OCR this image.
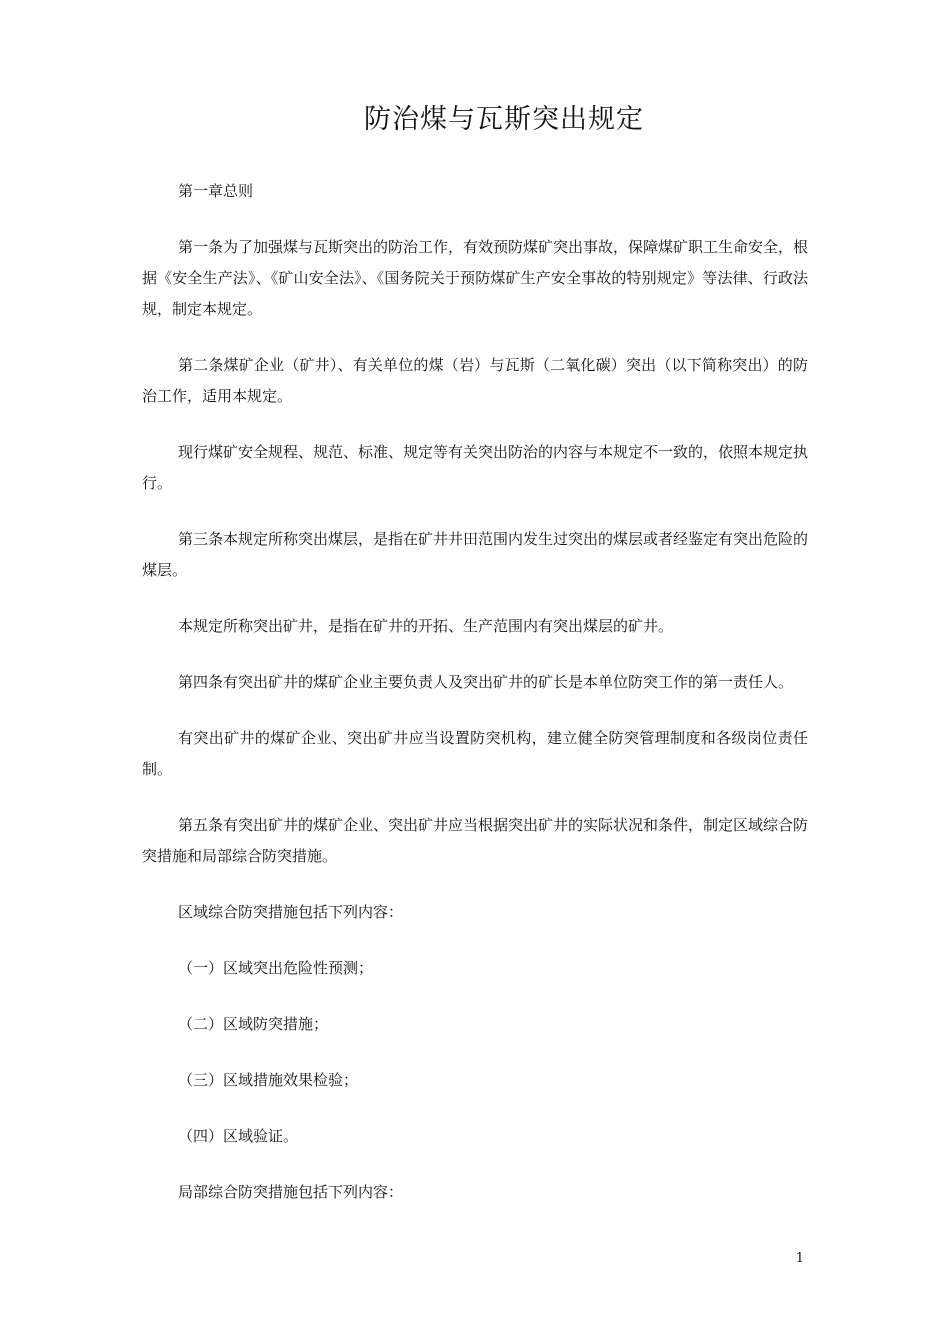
防治煤与瓦斯突出规定

第一章总则

第一条为了加强煤与瓦斯突出的防治工作，有效预防煤矿突出事故，保障煤矿职工生命安全，根据《安全生产法》、《矿山安全法》、《国务院关于预防煤矿生产安全事故的特别规定》等法律、行政法规，制定本规定。

第二条煤矿企业（矿井）、有关单位的煤（岩）与瓦斯（二氧化碳）突出（以下简称突出）的防治工作，适用本规定。

现行煤矿安全规程、规范、标准、规定等有关突出防治的内容与本规定不一致的，依照本规定执行。

第三条本规定所称突出煤层，是指在矿井井田范围内发生过突出的煤层或者经鉴定有突出危险的煤层。

本规定所称突出矿井，是指在矿井的开拓、生产范围内有突出煤层的矿井。

第四条有突出矿井的煤矿企业主要负责人及突出矿井的矿长是本单位防突工作的第一责任人。

有突出矿井的煤矿企业、突出矿井应当设置防突机构，建立健全防突管理制度和各级岗位责任制。

第五条有突出矿井的煤矿企业、突出矿井应当根据突出矿井的实际状况和条件，制定区域综合防突措施和局部综合防突措施。

区域综合防突措施包括下列内容：

（一）区域突出危险性预测；

（二）区域防突措施；

（三）区域措施效果检验；

（四）区域验证。

局部综合防突措施包括下列内容：

1
